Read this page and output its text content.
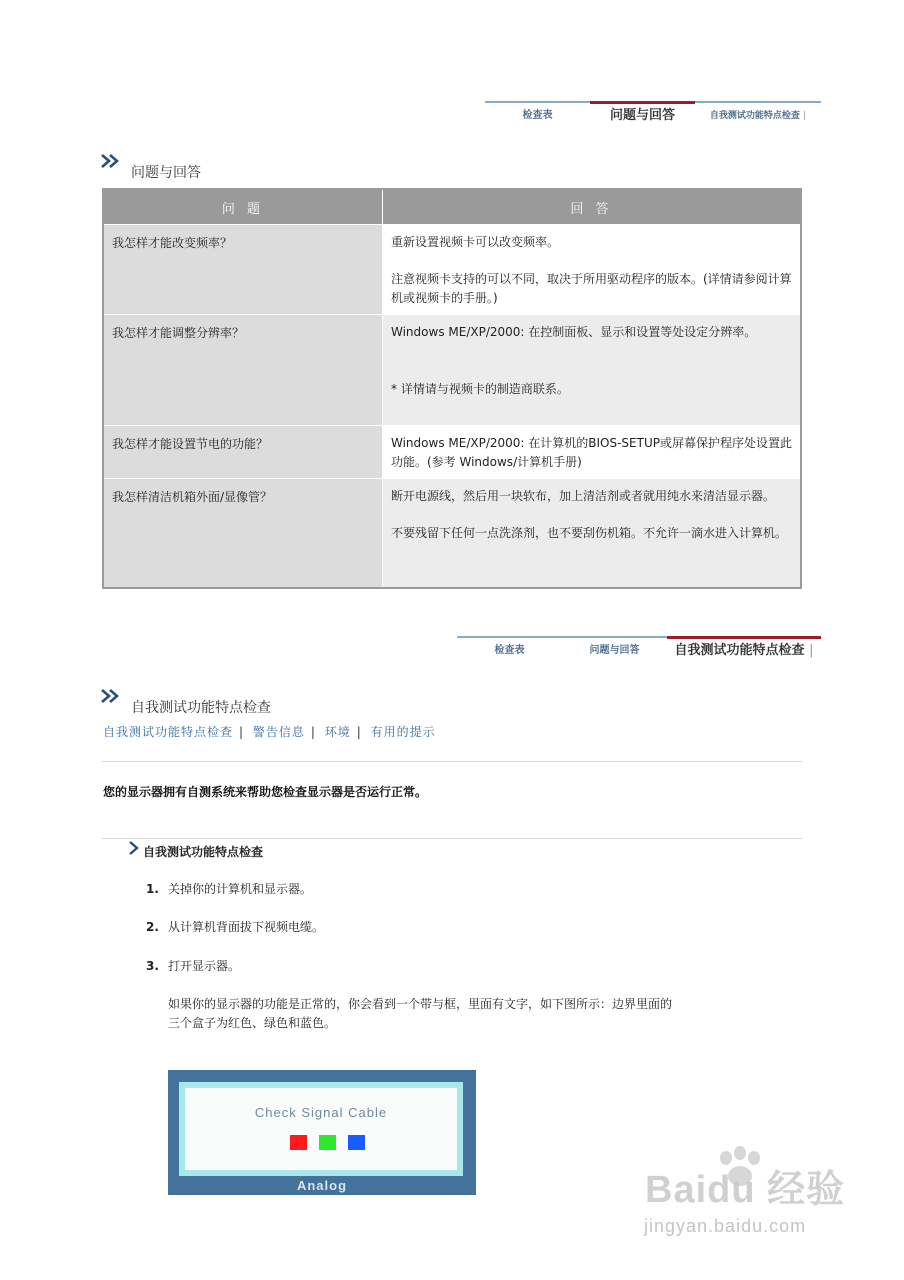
检查表	问题与回答	自我测试功能特点检查 |
问题与回答
问 题	回 答
我怎样才能改变频率？	重新设置视频卡可以改变频率。

注意视频卡支持的可以不同，取决于所用驱动程序的版本。(详情请参阅计算机或视频卡的手册。)

我怎样才能调整分辨率？	Windows ME/XP/2000: 在控制面板、显示和设置等处设定分辨率。

* 详情请与视频卡的制造商联系。

我怎样才能设置节电的功能？	Windows ME/XP/2000: 在计算机的BIOS-SETUP或屏幕保护程序处设置此功能。(参考 Windows/计算机手册)

我怎样清洁机箱外面/显像管？	断开电源线，然后用一块软布，加上清洁剂或者就用纯水来清洁显示器。

不要残留下任何一点洗涤剂，也不要刮伤机箱。不允许一滴水进入计算机。

检查表	问题与回答	自我测试功能特点检查 |
自我测试功能特点检查
自我测试功能特点检查 | 警告信息 | 环境 | 有用的提示
您的显示器拥有自测系统来帮助您检查显示器是否运行正常。
自我测试功能特点检查
1. 关掉你的计算机和显示器。
2. 从计算机背面拔下视频电缆。
3. 打开显示器。
如果你的显示器的功能是正常的，你会看到一个带与框，里面有文字，如下图所示：边界里面的
三个盒子为红色、绿色和蓝色。
Check Signal Cable
Analog	Baidu 经验
jingyan.baidu.com
